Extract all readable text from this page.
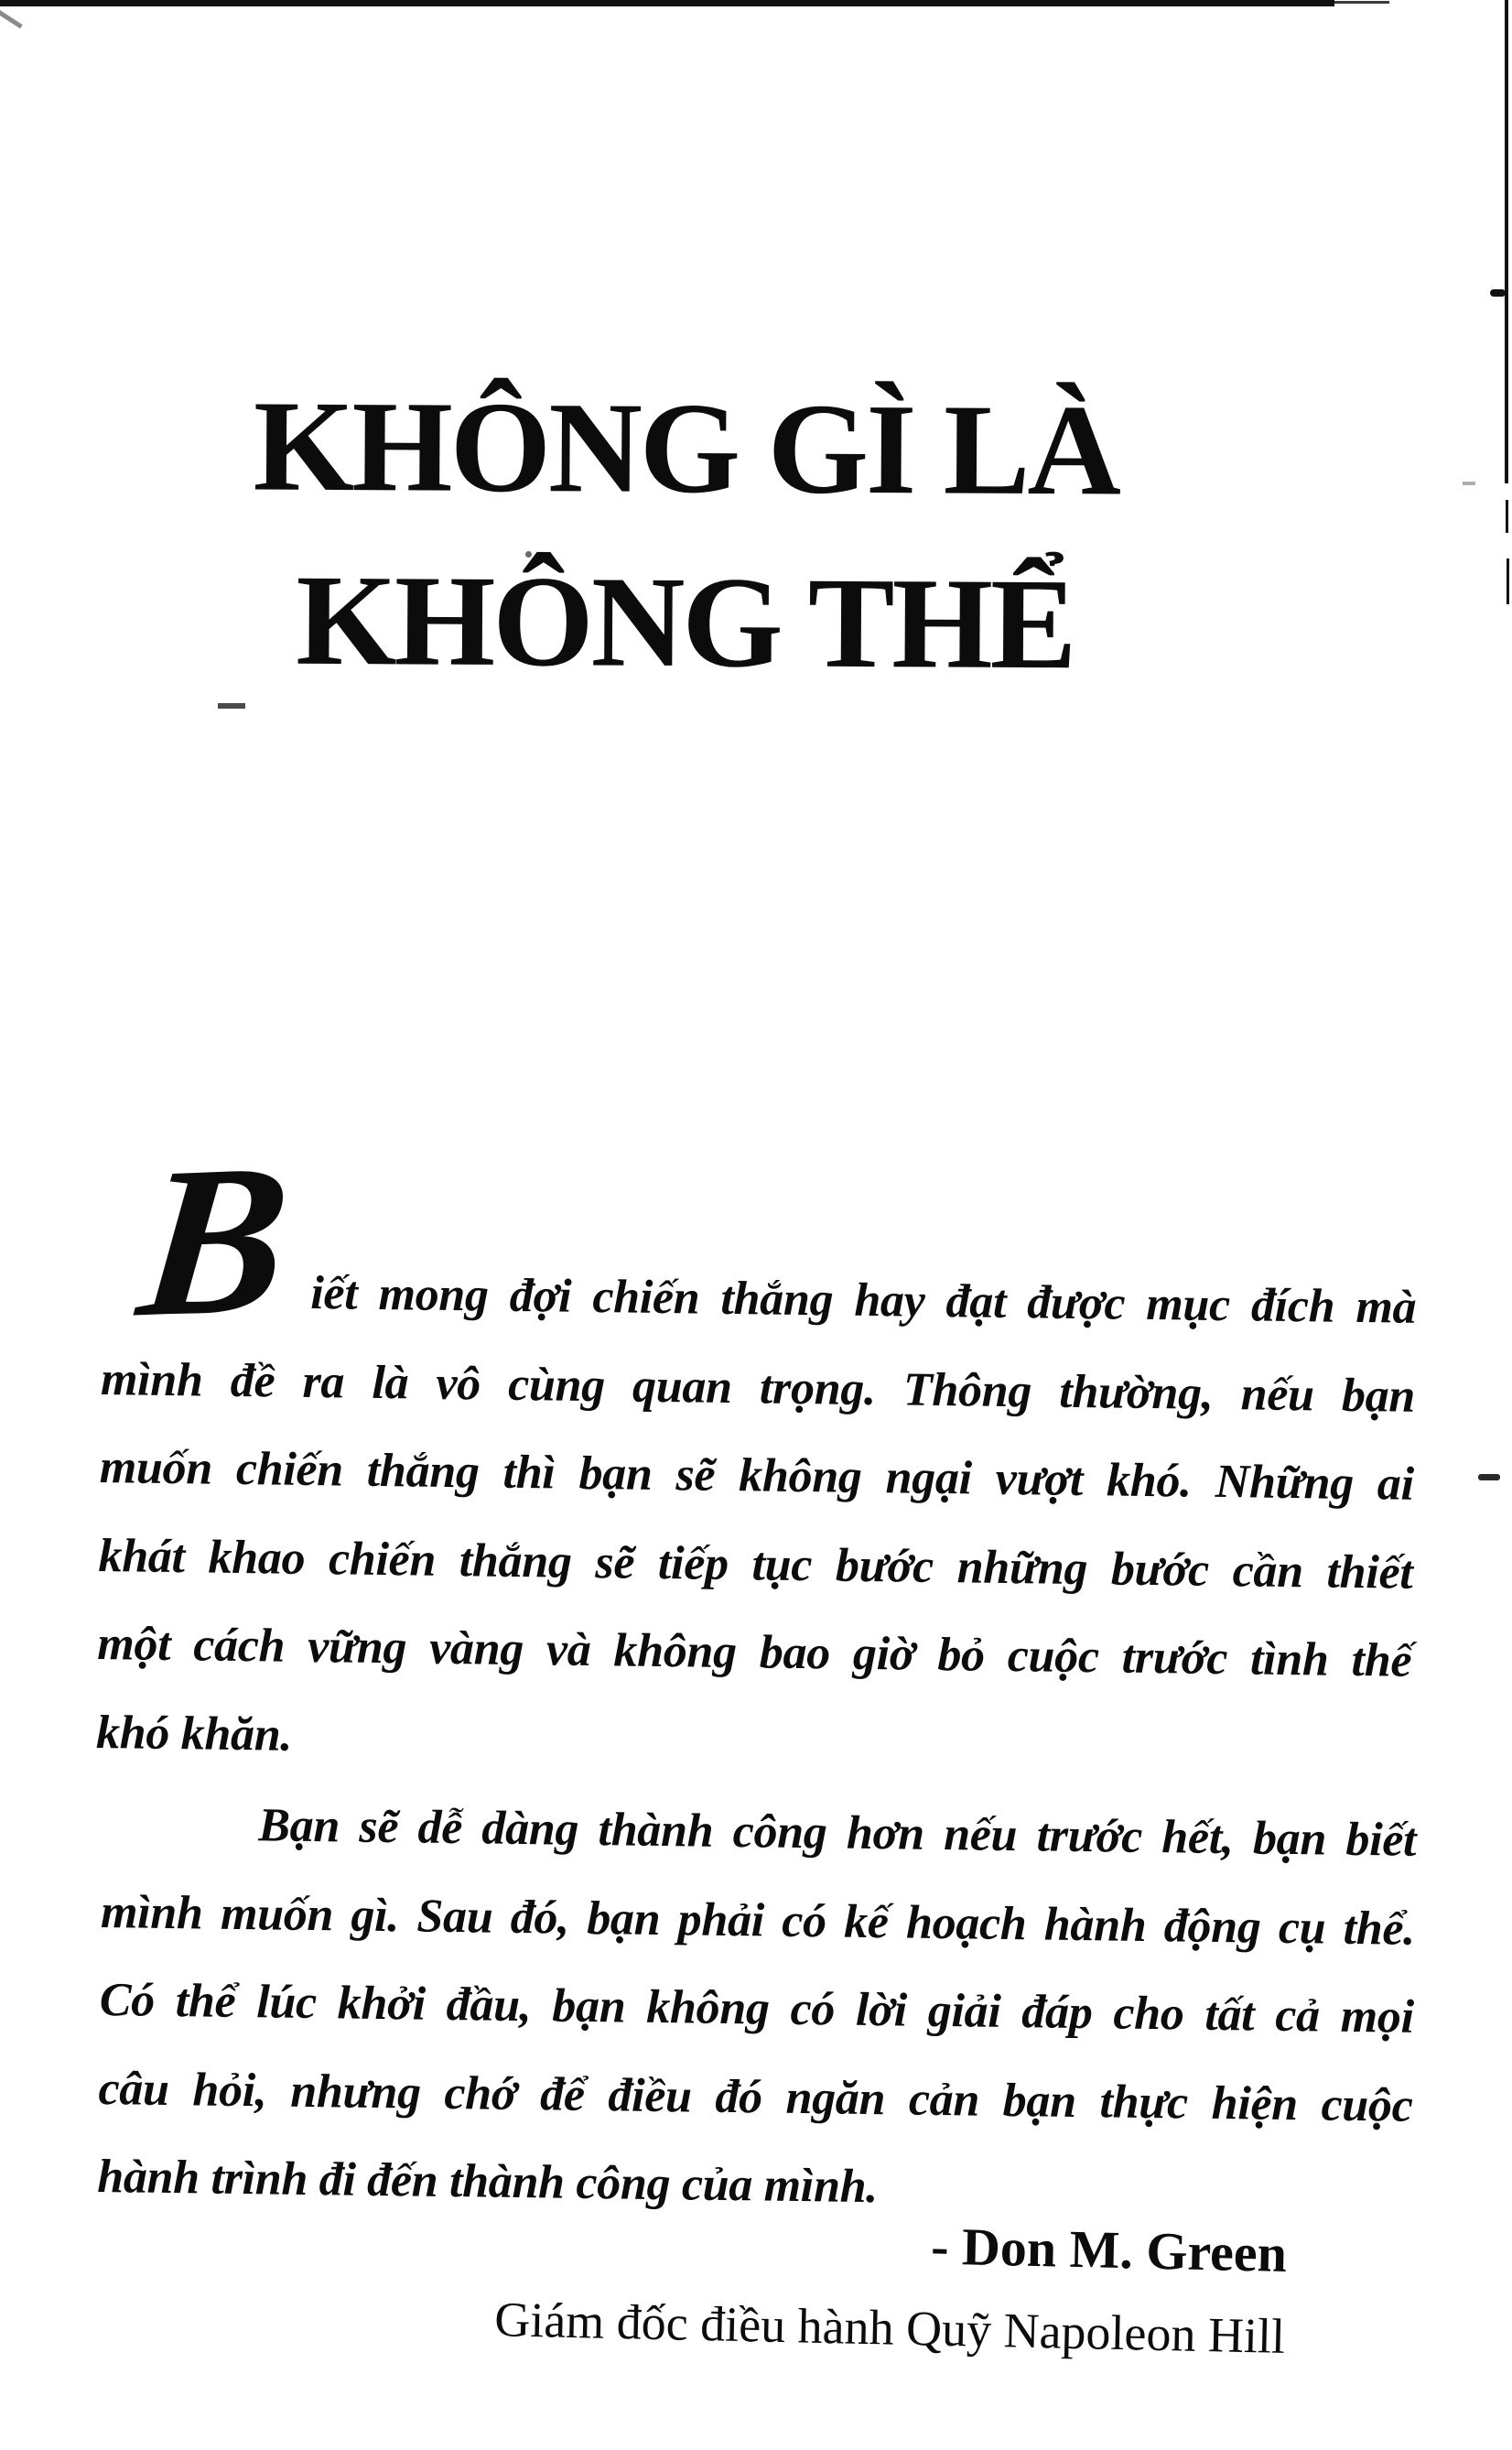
KHÔNG GÌ LÀ
KHÔNG THỂ
B iết mong đợi chiến thắng hay đạt được mục đích mà
mình đề ra là vô cùng quan trọng. Thông thường, nếu bạn
muốn chiến thắng thì bạn sẽ không ngại vượt khó. Những ai
khát khao chiến thắng sẽ tiếp tục bước những bước cần thiết
một cách vững vàng và không bao giờ bỏ cuộc trước tình thế
khó khăn.
Bạn sẽ dễ dàng thành công hơn nếu trước hết, bạn biết
mình muốn gì. Sau đó, bạn phải có kế hoạch hành động cụ thể.
Có thể lúc khởi đầu, bạn không có lời giải đáp cho tất cả mọi
câu hỏi, nhưng chớ để điều đó ngăn cản bạn thực hiện cuộc
hành trình đi đến thành công của mình.
- Don M. Green
Giám đốc điều hành Quỹ Napoleon Hill
